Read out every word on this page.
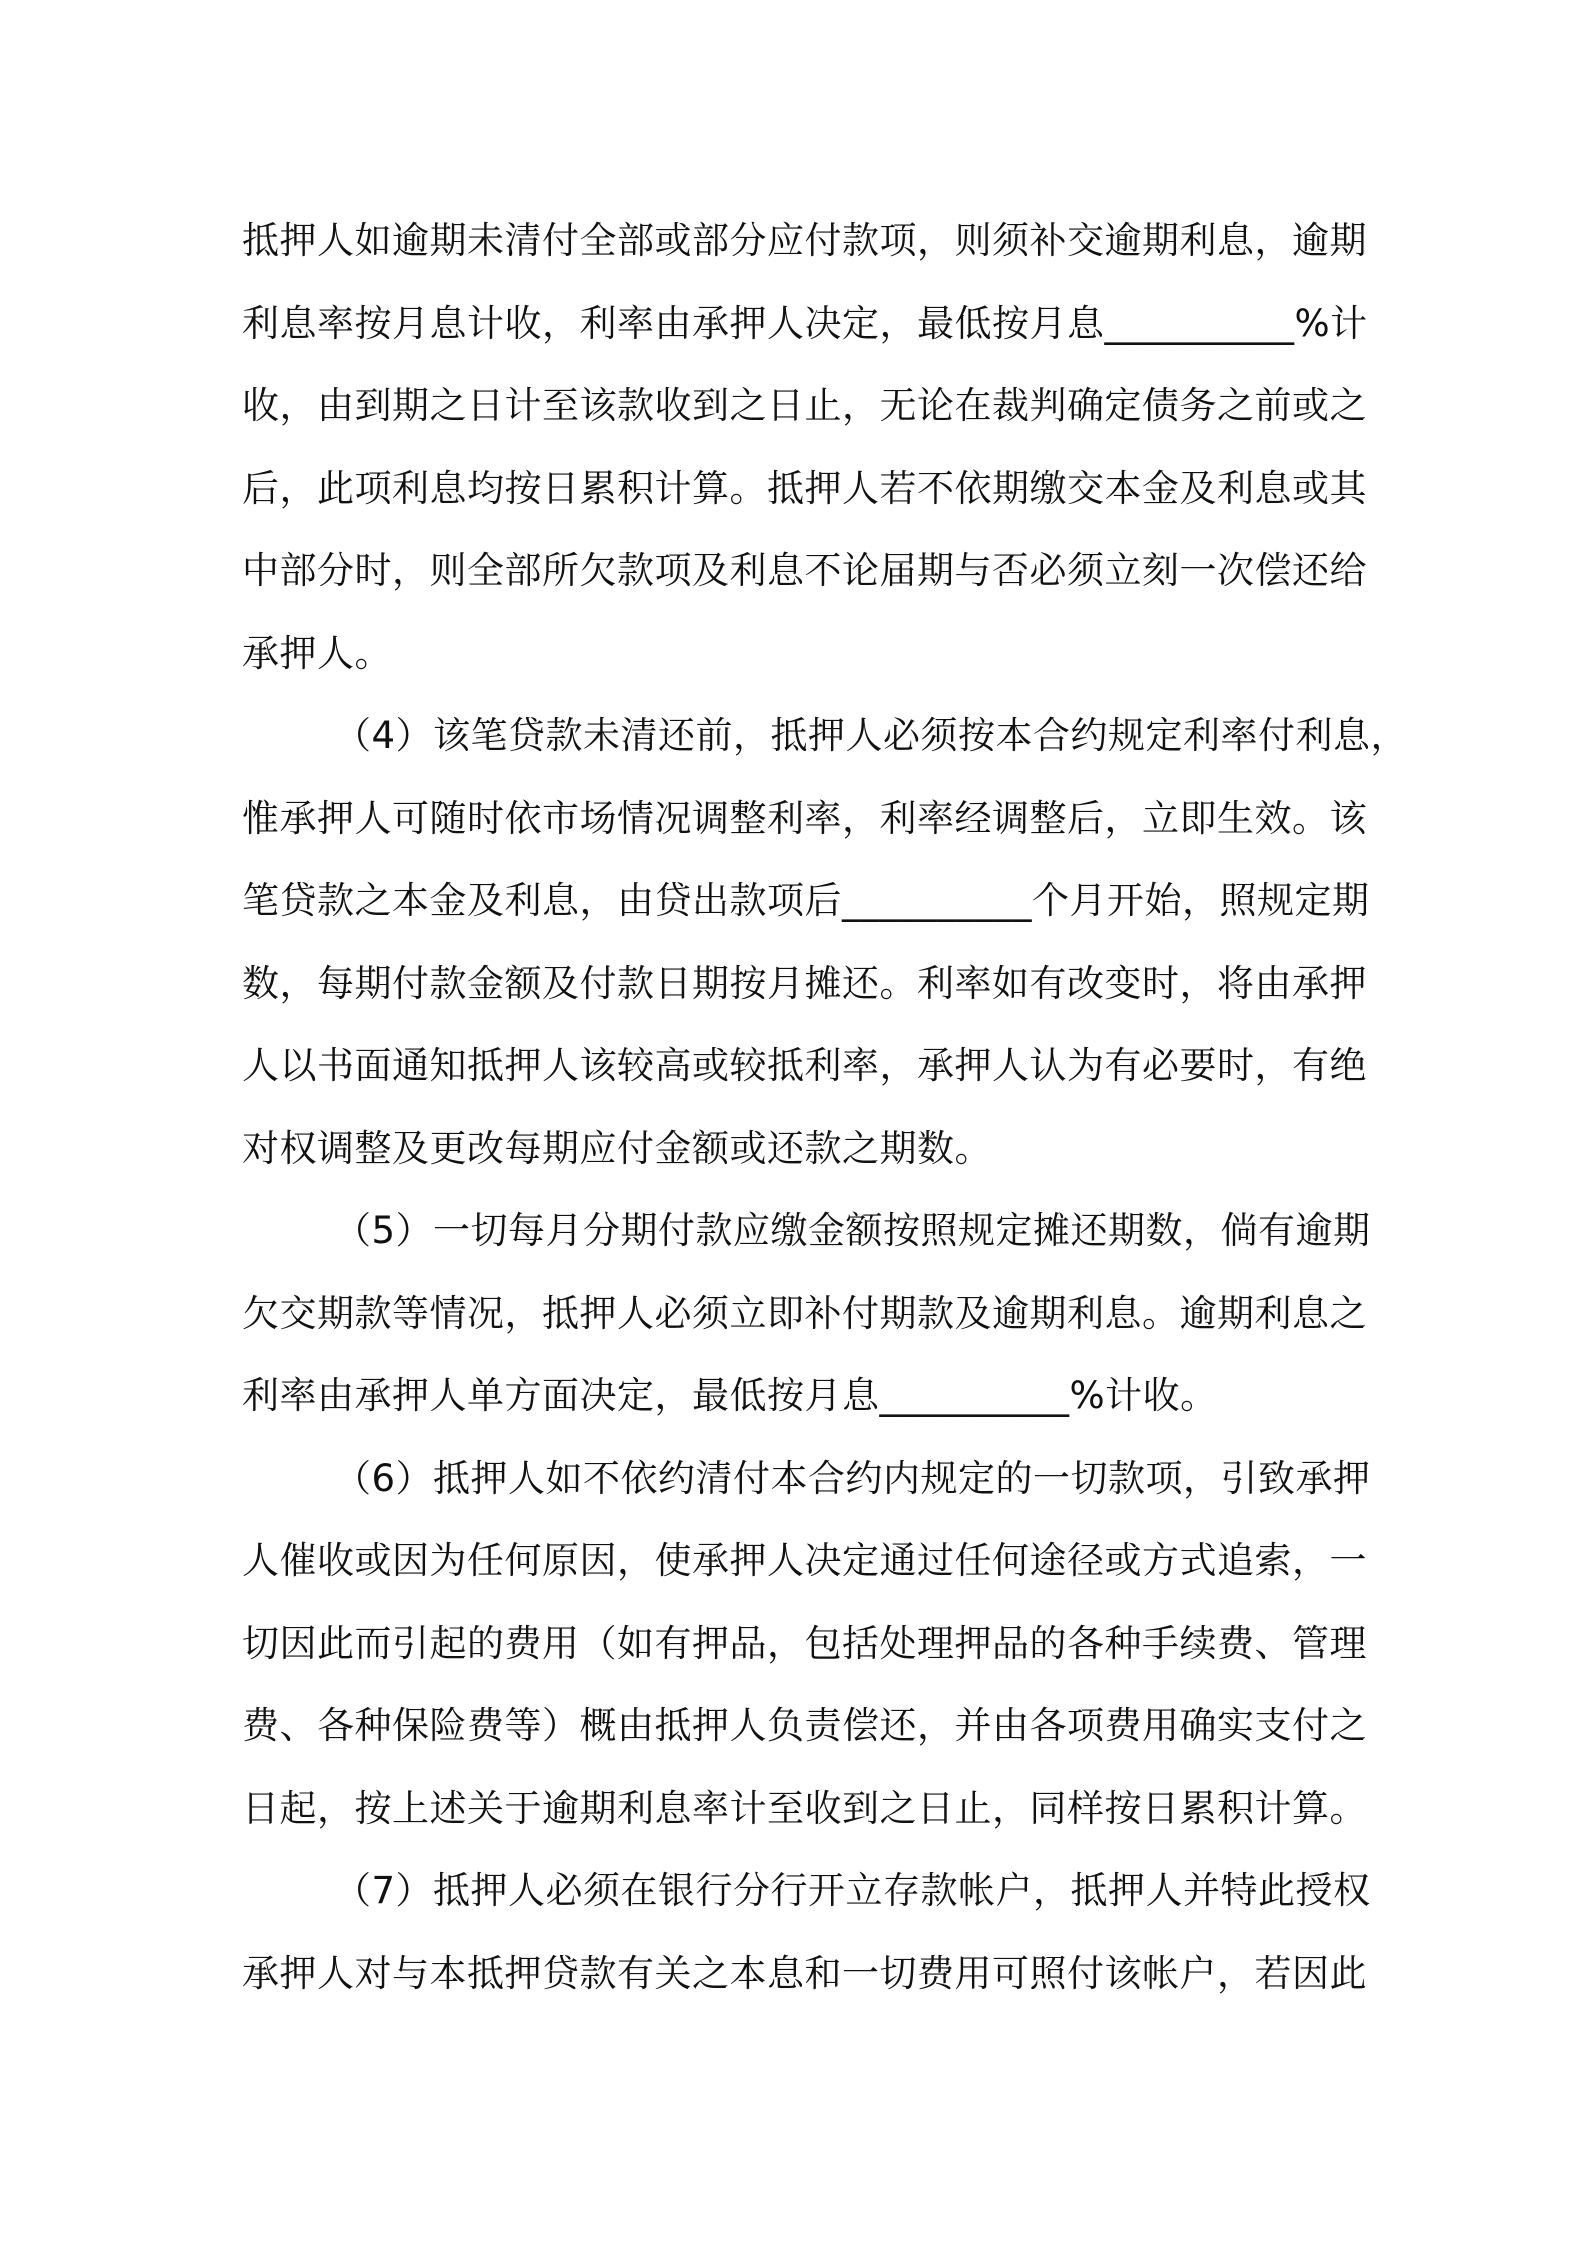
抵押人如逾期未清付全部或部分应付款项，则须补交逾期利息，逾期
利息率按月息计收，利率由承押人决定，最低按月息__________%计
收，由到期之日计至该款收到之日止，无论在裁判确定债务之前或之
后，此项利息均按日累积计算。抵押人若不依期缴交本金及利息或其
中部分时，则全部所欠款项及利息不论届期与否必须立刻一次偿还给
承押人。
（4）该笔贷款未清还前，抵押人必须按本合约规定利率付利息，
惟承押人可随时依市场情况调整利率，利率经调整后，立即生效。该
笔贷款之本金及利息，由贷出款项后__________个月开始，照规定期
数，每期付款金额及付款日期按月摊还。利率如有改变时，将由承押
人以书面通知抵押人该较高或较抵利率，承押人认为有必要时，有绝
对权调整及更改每期应付金额或还款之期数。
（5）一切每月分期付款应缴金额按照规定摊还期数，倘有逾期
欠交期款等情况，抵押人必须立即补付期款及逾期利息。逾期利息之
利率由承押人单方面决定，最低按月息__________%计收。
（6）抵押人如不依约清付本合约内规定的一切款项，引致承押
人催收或因为任何原因，使承押人决定通过任何途径或方式追索，一
切因此而引起的费用（如有押品，包括处理押品的各种手续费、管理
费、各种保险费等）概由抵押人负责偿还，并由各项费用确实支付之
日起，按上述关于逾期利息率计至收到之日止，同样按日累积计算。
（7）抵押人必须在银行分行开立存款帐户，抵押人并特此授权
承押人对与本抵押贷款有关之本息和一切费用可照付该帐户，若因此
